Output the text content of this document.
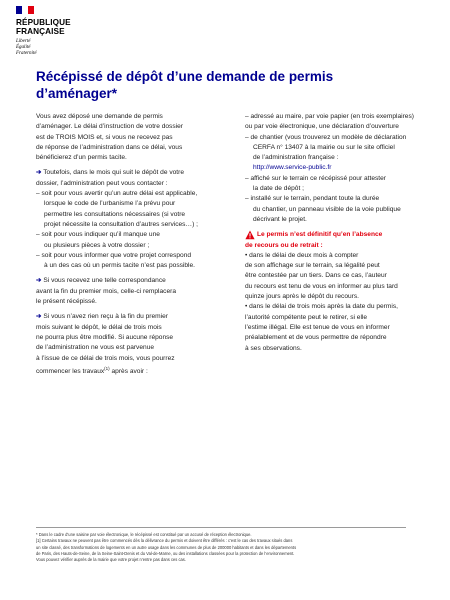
RÉPUBLIQUE
FRANÇAISE
Liberté
Égalité
Fraternité
Récépissé de dépôt d’une demande de permis
d’aménager*

Vous avez déposé une demande de permis

d’aménager. Le délai d’instruction de votre dossier

est de TROIS MOIS et, si vous ne recevez pas

de réponse de l’administration dans ce délai, vous

bénéficierez d’un permis tacite.

➔ Toutefois, dans le mois qui suit le dépôt de votre

dossier, l’administration peut vous contacter :

– soit pour vous avertir qu’un autre délai est applicable,

lorsque le code de l’urbanisme l’a prévu pour

permettre les consultations nécessaires (si votre

projet nécessite la consultation d’autres services…) ;

– soit pour vous indiquer qu’il manque une

ou plusieurs pièces à votre dossier ;

– soit pour vous informer que votre projet correspond

à un des cas où un permis tacite n’est pas possible.

➔ Si vous recevez une telle correspondance

avant la fin du premier mois, celle-ci remplacera

le présent récépissé.

➔ Si vous n’avez rien reçu à la fin du premier

mois suivant le dépôt, le délai de trois mois

ne pourra plus être modifié. Si aucune réponse

de l’administration ne vous est parvenue

à l’issue de ce délai de trois mois, vous pourrez

commencer les travaux$^{(1)}$ après avoir :

– adressé au maire, par voie papier (en trois exemplaires)

ou par voie électronique, une déclaration d’ouverture

– de chantier (vous trouverez un modèle de déclaration

CERFA n° 13407 à la mairie ou sur le site officiel

de l’administration française :

http://www.service-public.fr

– affiché sur le terrain ce récépissé pour attester

la date de dépôt ;

– installé sur le terrain, pendant toute la durée

du chantier, un panneau visible de la voie publique

décrivant le projet.

Le permis n’est définitif qu’en l’absence

de recours ou de retrait :

• dans le délai de deux mois à compter

de son affichage sur le terrain, sa légalité peut

être contestée par un tiers. Dans ce cas, l’auteur

du recours est tenu de vous en informer au plus tard

quinze jours après le dépôt du recours.

• dans le délai de trois mois après la date du permis,

l’autorité compétente peut le retirer, si elle

l’estime illégal. Elle est tenue de vous en informer

préalablement et de vous permettre de répondre

à ses observations.

* Dans le cadre d’une saisine par voie électronique, le récépissé est constitué par un accusé de réception électronique.

[1] Certains travaux ne peuvent pas être commencés dès la délivrance du permis et doivent être différés : c’est le cas des travaux situés dans

un site classé, des transformations de logements en un autre usage dans les communes de plus de 200000 habitants et dans les départements

de Paris, des Hauts-de-Seine, de la Seine-Saint-Denis et du Val-de-Marne, ou des installations classées pour la protection de l’environnement.

Vous pouvez vérifier auprès de la mairie que votre projet n’entre pas dans ces cas.
